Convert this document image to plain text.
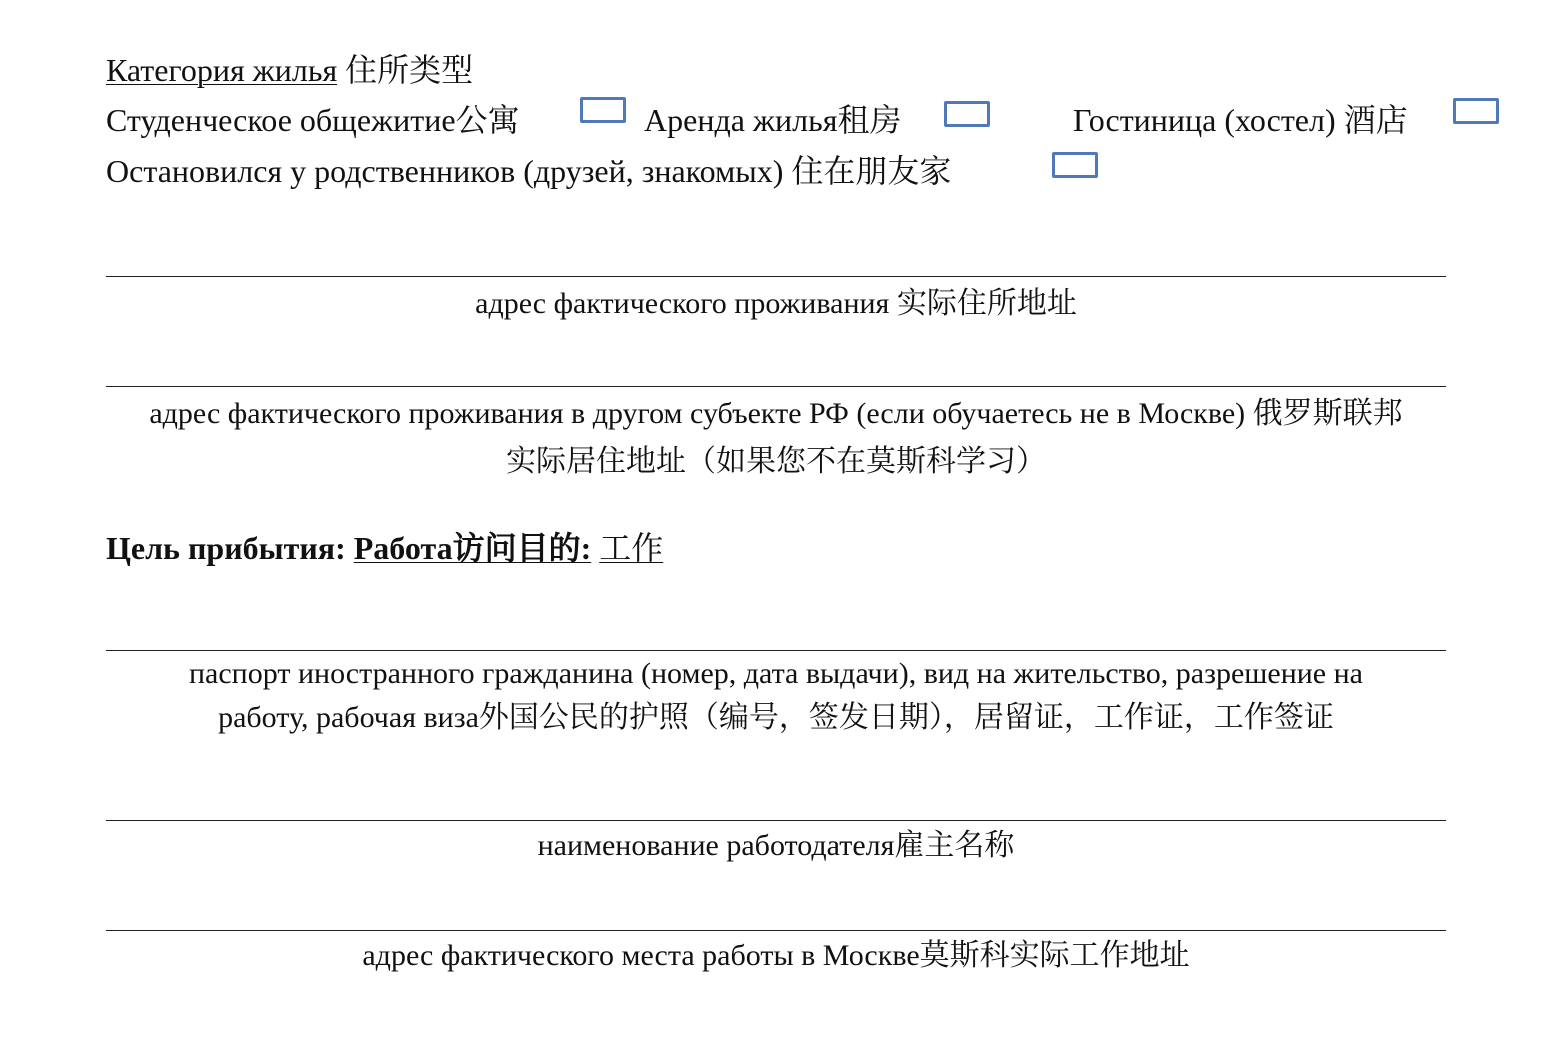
Категория жилья 住所类型
Студенческое общежитие公寓	Аренда жилья租房	Гостиница (хостел) 酒店
Остановился у родственников (друзей, знакомых) 住在朋友家
адрес фактического проживания 实际住所地址
адрес фактического проживания в другом субъекте РФ (если обучаетесь не в Москве) 俄罗斯联邦
实际居住地址（如果您不在莫斯科学习）
Цель прибытия: Работа访问目的: 工作
паспорт иностранного гражданина (номер, дата выдачи), вид на жительство, разрешение на
работу, рабочая виза外国公民的护照（编号，签发日期），居留证，工作证，工作签证
наименование работодателя雇主名称
адрес фактического места работы в Москве莫斯科实际工作地址
